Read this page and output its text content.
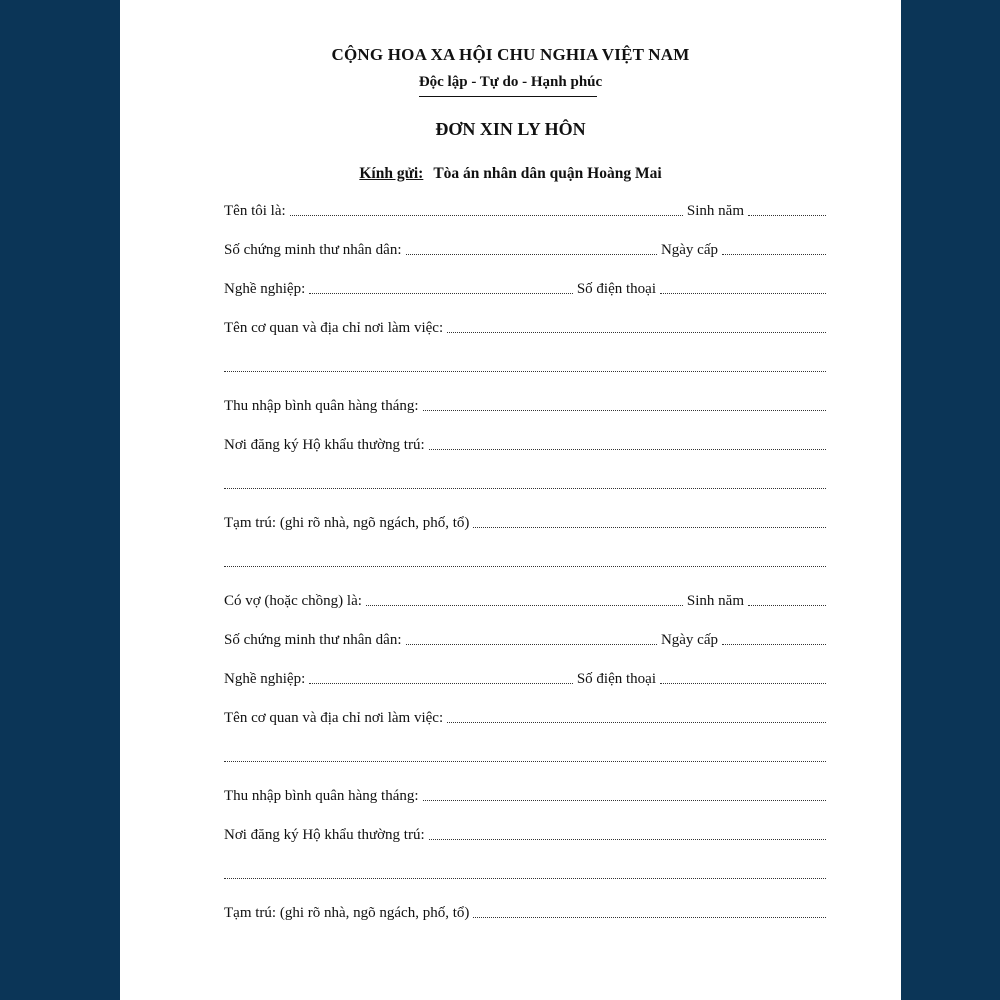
CỘNG HOA XA HỘI CHU NGHIA VIỆT NAM
Độc lập - Tự do - Hạnh phúc
ĐƠN XIN LY HÔN
Kính gửi: Tòa án nhân dân quận Hoàng Mai
Tên tôi là:	Sinh năm
Số chứng minh thư nhân dân:	Ngày cấp
Nghề nghiệp:	Số điện thoại
Tên cơ quan và địa chỉ nơi làm việc:
Thu nhập bình quân hàng tháng:
Nơi đăng ký Hộ khẩu thường trú:
Tạm trú: (ghi rõ nhà, ngõ ngách, phố, tổ)
Có vợ (hoặc chồng) là:	Sinh năm
Số chứng minh thư nhân dân:	Ngày cấp
Nghề nghiệp:	Số điện thoại
Tên cơ quan và địa chỉ nơi làm việc:
Thu nhập bình quân hàng tháng:
Nơi đăng ký Hộ khẩu thường trú:
Tạm trú: (ghi rõ nhà, ngõ ngách, phố, tổ)
